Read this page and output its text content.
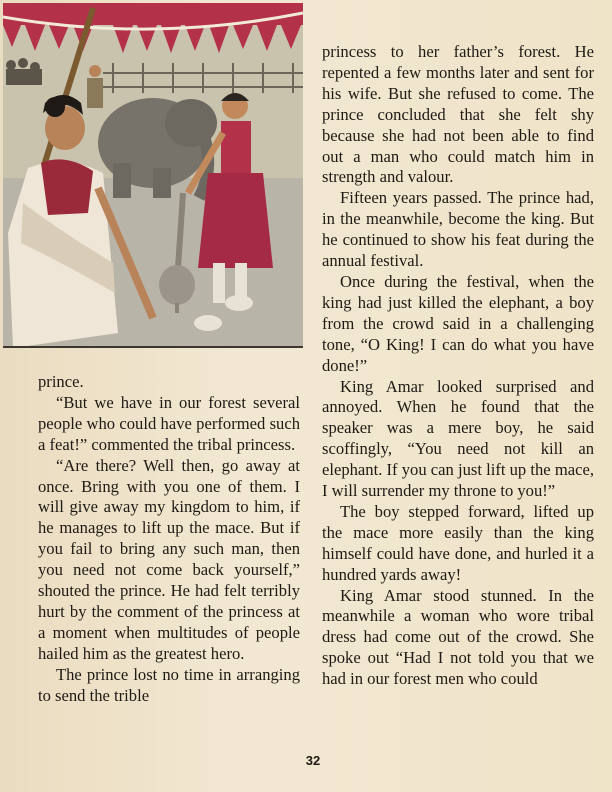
prince.

“But we have in our forest several people who could have performed such a feat!” commented the tribal princess.

“Are there? Well then, go away at once. Bring with you one of them. I will give away my kingdom to him, if he manages to lift up the mace. But if you fail to bring any such man, then you need not come back yourself,” shouted the prince. He had felt terribly hurt by the comment of the princess at a moment when multitudes of people hailed him as the greatest hero.

The prince lost no time in arranging to send the trible

princess to her father’s forest. He repented a few months later and sent for his wife. But she refused to come. The prince concluded that she felt shy because she had not been able to find out a man who could match him in strength and valour.

Fifteen years passed. The prince had, in the meanwhile, become the king. But he continued to show his feat during the annual festival.

Once during the festival, when the king had just killed the elephant, a boy from the crowd said in a challenging tone, “O King! I can do what you have done!”

King Amar looked surprised and annoyed. When he found that the speaker was a mere boy, he said scoffingly, “You need not kill an elephant. If you can just lift up the mace, I will surrender my throne to you!”

The boy stepped forward, lifted up the mace more easily than the king himself could have done, and hurled it a hundred yards away!

King Amar stood stunned. In the meanwhile a woman who wore tribal dress had come out of the crowd. She spoke out “Had I not told you that we had in our forest men who could

32
